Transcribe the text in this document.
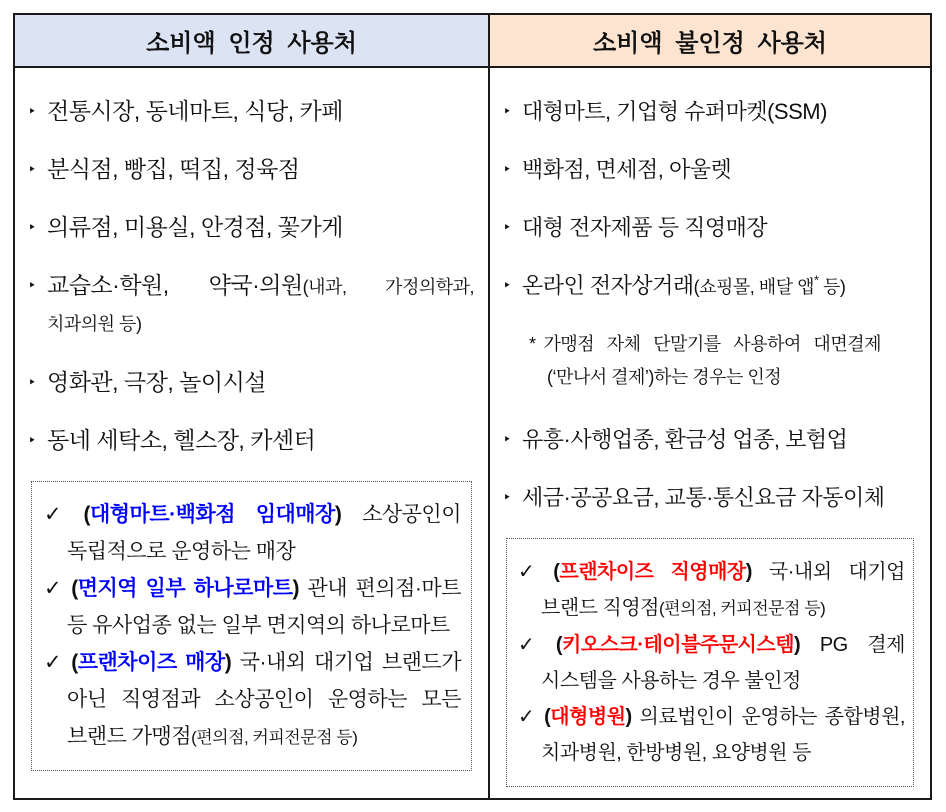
소비액 인정 사용처	소비액 불인정 사용처
‣ 전통시장, 동네마트, 식당, 카페
‣ 분식점, 빵집, 떡집, 정육점
‣ 의류점, 미용실, 안경점, 꽃가게
‣ 교습소·학원, 약국·의원(내과, 가정의학과, 치과의원 등)
‣ 영화관, 극장, 놀이시설
‣ 동네 세탁소, 헬스장, 카센터
✓ (대형마트·백화점 임대매장) 소상공인이 독립적으로 운영하는 매장
✓ (면지역 일부 하나로마트) 관내 편의점·마트 등 유사업종 없는 일부 면지역의 하나로마트
✓ (프랜차이즈 매장) 국·내외 대기업 브랜드가 아닌 직영점과 소상공인이 운영하는 모든 브랜드 가맹점(편의점, 커피전문점 등)
‣ 대형마트, 기업형 슈퍼마켓(SSM)
‣ 백화점, 면세점, 아울렛
‣ 대형 전자제품 등 직영매장
‣ 온라인 전자상거래(쇼핑몰, 배달 앱* 등)
* 가맹점 자체 단말기를 사용하여 대면결제 (‘만나서 결제’)하는 경우는 인정
‣ 유흥·사행업종, 환금성 업종, 보험업
‣ 세금·공공요금, 교통·통신요금 자동이체
✓ (프랜차이즈 직영매장) 국·내외 대기업 브랜드 직영점(편의점, 커피전문점 등)
✓ (키오스크·테이블주문시스템) PG 결제 시스템을 사용하는 경우 불인정
✓ (대형병원) 의료법인이 운영하는 종합병원, 치과병원, 한방병원, 요양병원 등
